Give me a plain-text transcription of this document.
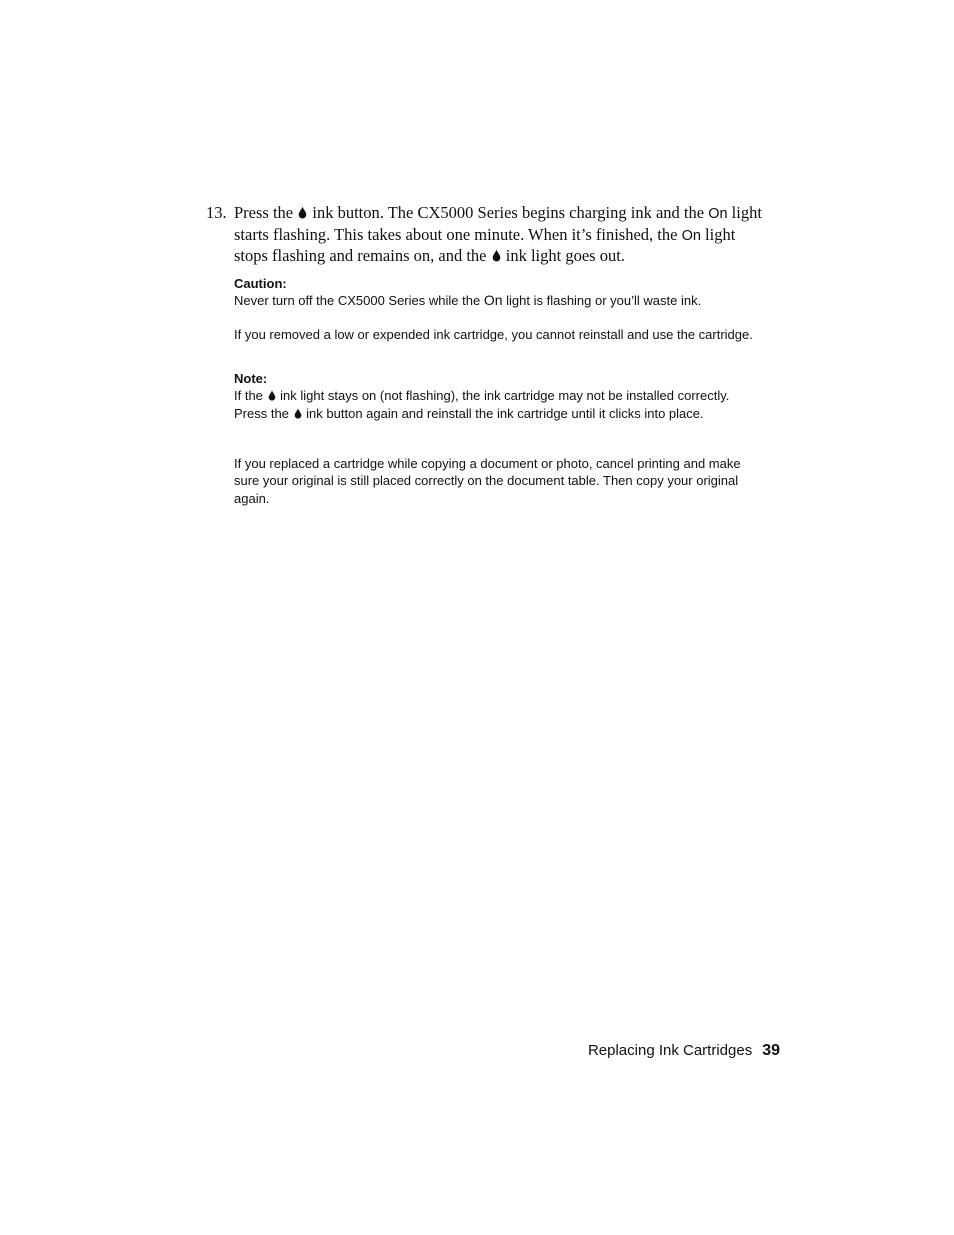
13. Press the ink button. The CX5000 Series begins charging ink and the On light starts flashing. This takes about one minute. When it’s finished, the On light stops flashing and remains on, and the ink light goes out.
Caution:
Never turn off the CX5000 Series while the On light is flashing or you’ll waste ink.
If you removed a low or expended ink cartridge, you cannot reinstall and use the cartridge.
Note:
If the ink light stays on (not flashing), the ink cartridge may not be installed correctly. Press the ink button again and reinstall the ink cartridge until it clicks into place.
If you replaced a cartridge while copying a document or photo, cancel printing and make sure your original is still placed correctly on the document table. Then copy your original again.
Replacing Ink Cartridges 39
